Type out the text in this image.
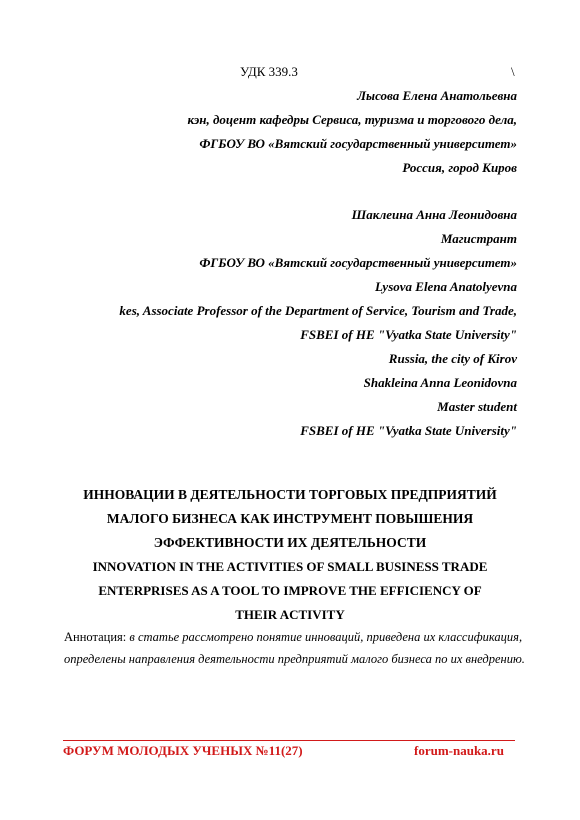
УДК 339.3	\
Лысова Елена Анатольевна
кэн, доцент кафедры Сервиса, туризма и торгового дела,
ФГБОУ ВО «Вятский государственный университет»
Россия, город Киров
Шаклеина Анна Леонидовна
Магистрант
ФГБОУ ВО «Вятский государственный университет»
Lysova Elena Anatolyevna
kes, Associate Professor of the Department of Service, Tourism and Trade,
FSBEI of HE "Vyatka State University"
Russia, the city of Kirov
Shakleina Anna Leonidovna
Master student
FSBEI of HE "Vyatka State University"
ИННОВАЦИИ В ДЕЯТЕЛЬНОСТИ ТОРГОВЫХ ПРЕДПРИЯТИЙ
МАЛОГО БИЗНЕСА КАК ИНСТРУМЕНТ ПОВЫШЕНИЯ
ЭФФЕКТИВНОСТИ ИХ ДЕЯТЕЛЬНОСТИ
INNOVATION IN THE ACTIVITIES OF SMALL BUSINESS TRADE
ENTERPRISES AS A TOOL TO IMPROVE THE EFFICIENCY OF
THEIR ACTIVITY
Аннотация: в статье рассмотрено понятие инноваций, приведена их классификация, определены направления деятельности предприятий малого бизнеса по их внедрению.
ФОРУМ МОЛОДЫХ УЧЕНЫХ №11(27)	forum-nauka.ru
